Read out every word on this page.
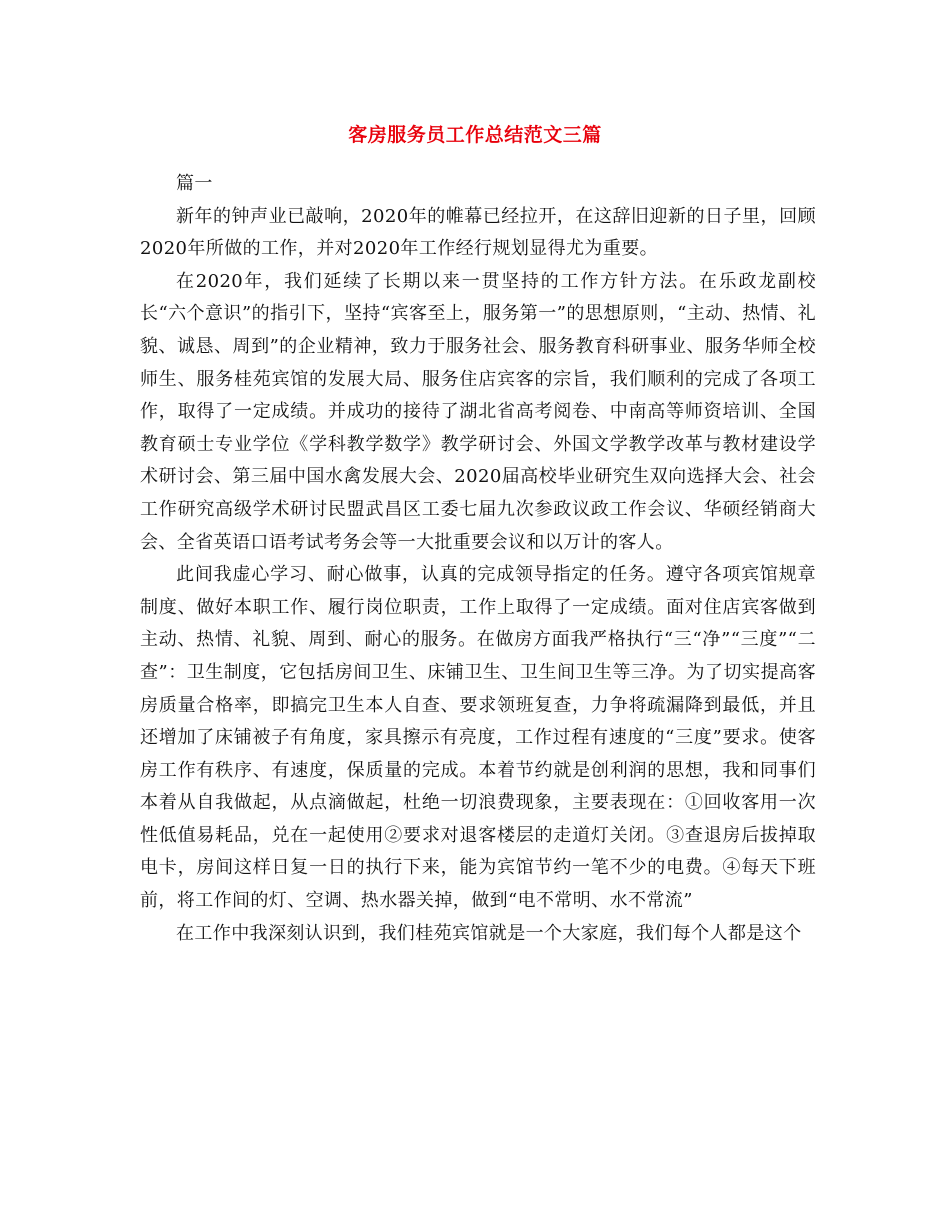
客房服务员工作总结范文三篇

篇一

新年的钟声业已敲响，2020年的帷幕已经拉开，在这辞旧迎新的日子里，回顾2020年所做的工作，并对2020年工作经行规划显得尤为重要。

在2020年，我们延续了长期以来一贯坚持的工作方针方法。在乐政龙副校长“六个意识”的指引下，坚持“宾客至上，服务第一”的思想原则，“主动、热情、礼貌、诚恳、周到”的企业精神，致力于服务社会、服务教育科研事业、服务华师全校师生、服务桂苑宾馆的发展大局、服务住店宾客的宗旨，我们顺利的完成了各项工作，取得了一定成绩。并成功的接待了湖北省高考阅卷、中南高等师资培训、全国教育硕士专业学位《学科教学数学》教学研讨会、外国文学教学改革与教材建设学术研讨会、第三届中国水禽发展大会、2020届高校毕业研究生双向选择大会、社会工作研究高级学术研讨民盟武昌区工委七届九次参政议政工作会议、华硕经销商大会、全省英语口语考试考务会等一大批重要会议和以万计的客人。

此间我虚心学习、耐心做事，认真的完成领导指定的任务。遵守各项宾馆规章制度、做好本职工作、履行岗位职责，工作上取得了一定成绩。面对住店宾客做到主动、热情、礼貌、周到、耐心的服务。在做房方面我严格执行“三“净”“三度”“二查”：卫生制度，它包括房间卫生、床铺卫生、卫生间卫生等三净。为了切实提高客房质量合格率，即搞完卫生本人自查、要求领班复查，力争将疏漏降到最低，并且还增加了床铺被子有角度，家具擦示有亮度，工作过程有速度的“三度”要求。使客房工作有秩序、有速度，保质量的完成。本着节约就是创利润的思想，我和同事们本着从自我做起，从点滴做起，杜绝一切浪费现象，主要表现在：①回收客用一次性低值易耗品，兑在一起使用②要求对退客楼层的走道灯关闭。③查退房后拔掉取电卡，房间这样日复一日的执行下来，能为宾馆节约一笔不少的电费。④每天下班前，将工作间的灯、空调、热水器关掉，做到“电不常明、水不常流”

在工作中我深刻认识到，我们桂苑宾馆就是一个大家庭，我们每个人都是这个
